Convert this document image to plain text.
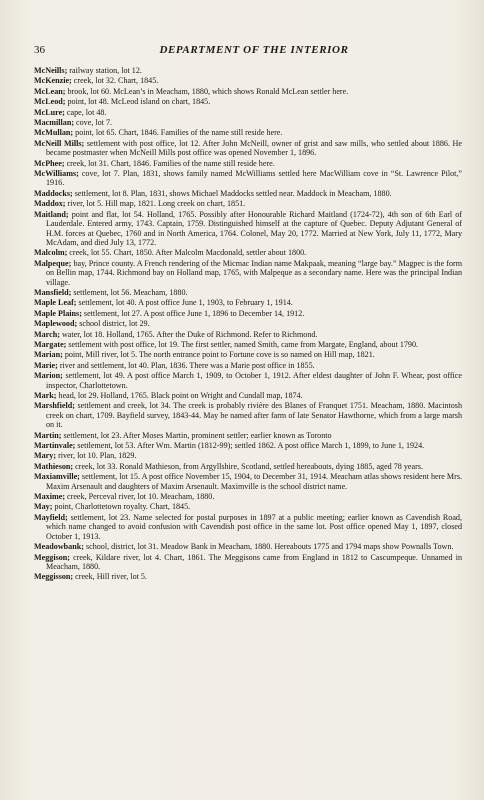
36	DEPARTMENT OF THE INTERIOR

McNeills; railway station, lot 12.

McKenzie; creek, lot 32. Chart, 1845.

McLean; brook, lot 60. McLean’s in Meacham, 1880, which shows Ronald McLean settler here.

McLeod; point, lot 48. McLeod island on chart, 1845.

McLure; cape, lot 48.

Macmillan; cove, lot 7.

McMullan; point, lot 65. Chart, 1846. Families of the name still reside here.

McNeill Mills; settlement with post office, lot 12. After John McNeill, owner of grist and saw mills, who settled about 1886. He became postmaster when McNeill Mills post office was opened November 1, 1896.

McPhee; creek, lot 31. Chart, 1846. Families of the name still reside here.

McWilliams; cove, lot 7. Plan, 1831, shows family named McWilliams settled here MacWilliam cove in “St. Lawrence Pilot,” 1916.

Maddocks; settlement, lot 8. Plan, 1831, shows Michael Maddocks settled near. Maddock in Meacham, 1880.

Maddox; river, lot 5. Hill map, 1821. Long creek on chart, 1851.

Maitland; point and flat, lot 54. Holland, 1765. Possibly after Honourable Richard Maitland (1724-72), 4th son of 6th Earl of Lauderdale. Entered army, 1743. Captain, 1759. Distinguished himself at the capture of Quebec. Deputy Adjutant General of H.M. forces at Quebec, 1760 and in North America, 1764. Colonel, May 20, 1772. Married at New York, July 11, 1772, Mary McAdam, and died July 13, 1772.

Malcolm; creek, lot 55. Chart, 1850. After Malcolm Macdonald, settler about 1800.

Malpeque; bay, Prince county. A French rendering of the Micmac Indian name Makpaak, meaning “large bay.” Magpec is the form on Bellin map, 1744. Richmond bay on Holland map, 1765, with Malpeque as a secondary name. Here was the principal Indian village.

Mansfield; settlement, lot 56. Meacham, 1880.

Maple Leaf; settlement, lot 40. A post office June 1, 1903, to February 1, 1914.

Maple Plains; settlement, lot 27. A post office June 1, 1896 to December 14, 1912.

Maplewood; school district, lot 29.

March; water, lot 18. Holland, 1765. After the Duke of Richmond. Refer to Richmond.

Margate; settlement with post office, lot 19. The first settler, named Smith, came from Margate, England, about 1790.

Marian; point, Mill river, lot 5. The north entrance point to Fortune cove is so named on Hill map, 1821.

Marie; river and settlement, lot 40. Plan, 1836. There was a Marie post office in 1855.

Marion; settlement, lot 49. A post office March 1, 1909, to October 1, 1912. After eldest daughter of John F. Whear, post office inspector, Charlottetown.

Mark; head, lot 29. Holland, 1765. Black point on Wright and Cundall map, 1874.

Marshfield; settlement and creek, lot 34. The creek is probably rivière des Blanes of Franquet 1751. Meacham, 1880. Macintosh creek on chart, 1709. Bayfield survey, 1843-44. May be named after farm of late Senator Hawthorne, which from a large marsh on it.

Martin; settlement, lot 23. After Moses Martin, prominent settler; earlier known as Toronto

Martinvale; settlement, lot 53. After Wm. Martin (1812-99); settled 1862. A post office March 1, 1899, to June 1, 1924.

Mary; river, lot 10. Plan, 1829.

Mathieson; creek, lot 33. Ronald Mathieson, from Argyllshire, Scotland, settled hereabouts, dying 1885, aged 78 years.

Maxiamville; settlement, lot 15. A post office November 15, 1904, to December 31, 1914. Meacham atlas shows resident here Mrs. Maxim Arsenault and daughters of Maxim Arsenault. Maximville is the school district name.

Maxime; creek, Perceval river, lot 10. Meacham, 1880.

May; point, Charlottetown royalty. Chart, 1845.

Mayfield; settlement, lot 23. Name selected for postal purposes in 1897 at a public meeting; earlier known as Cavendish Road, which name changed to avoid confusion with Cavendish post office in the same lot. Post office opened May 1, 1897, closed October 1, 1913.

Meadowbank; school, district, lot 31. Meadow Bank in Meacham, 1880. Hereabouts 1775 and 1794 maps show Pownalls Town.

Meggison; creek, Kildare river, lot 4. Chart, 1861. The Meggisons came from England in 1812 to Cascumpeque. Unnamed in Meacham, 1880.

Meggisson; creek, Hill river, lot 5.
